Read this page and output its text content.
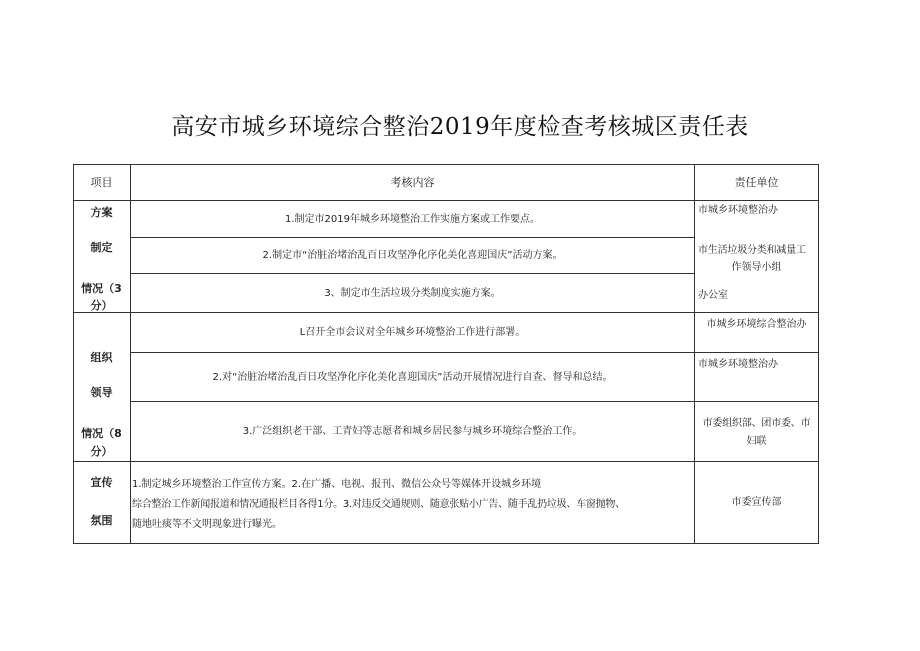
高安市城乡环境综合整治2019年度检查考核城区责任表
项目	考核内容	责任单位
方案
制定
情况（3
分）
1.制定市2019年城乡环境整治工作实施方案或工作要点。
2.制定市“治脏治堵治乱百日攻坚净化序化美化喜迎国庆”活动方案。
3、制定市生活垃圾分类制度实施方案。
市城乡环境整治办
市生活垃圾分类和减量工
作领导小组
办公室
组织
领导
情况（8
分）
L召开全市会议对全年城乡环境整治工作进行部署。
2.对“治脏治堵治乱百日攻坚净化序化美化喜迎国庆”活动开展情况进行自查、督导和总结。
3.广泛组织老干部、工青妇等志愿者和城乡居民参与城乡环境综合整治工作。
市城乡环境综合整治办
市城乡环境整治办
市委组织部、团市委、市
妇联
宣传
氛围
1.制定城乡环境整治工作宣传方案。2.在广播、电视、报刊、微信公众号等媒体开设城乡环境
综合整治工作新闻报道和情况通报栏目各得1分。3.对违反交通规则、随意张贴小广告、随手乱扔垃圾、车窗抛物、
随地吐痰等不文明现象进行曝光。
市委宣传部
